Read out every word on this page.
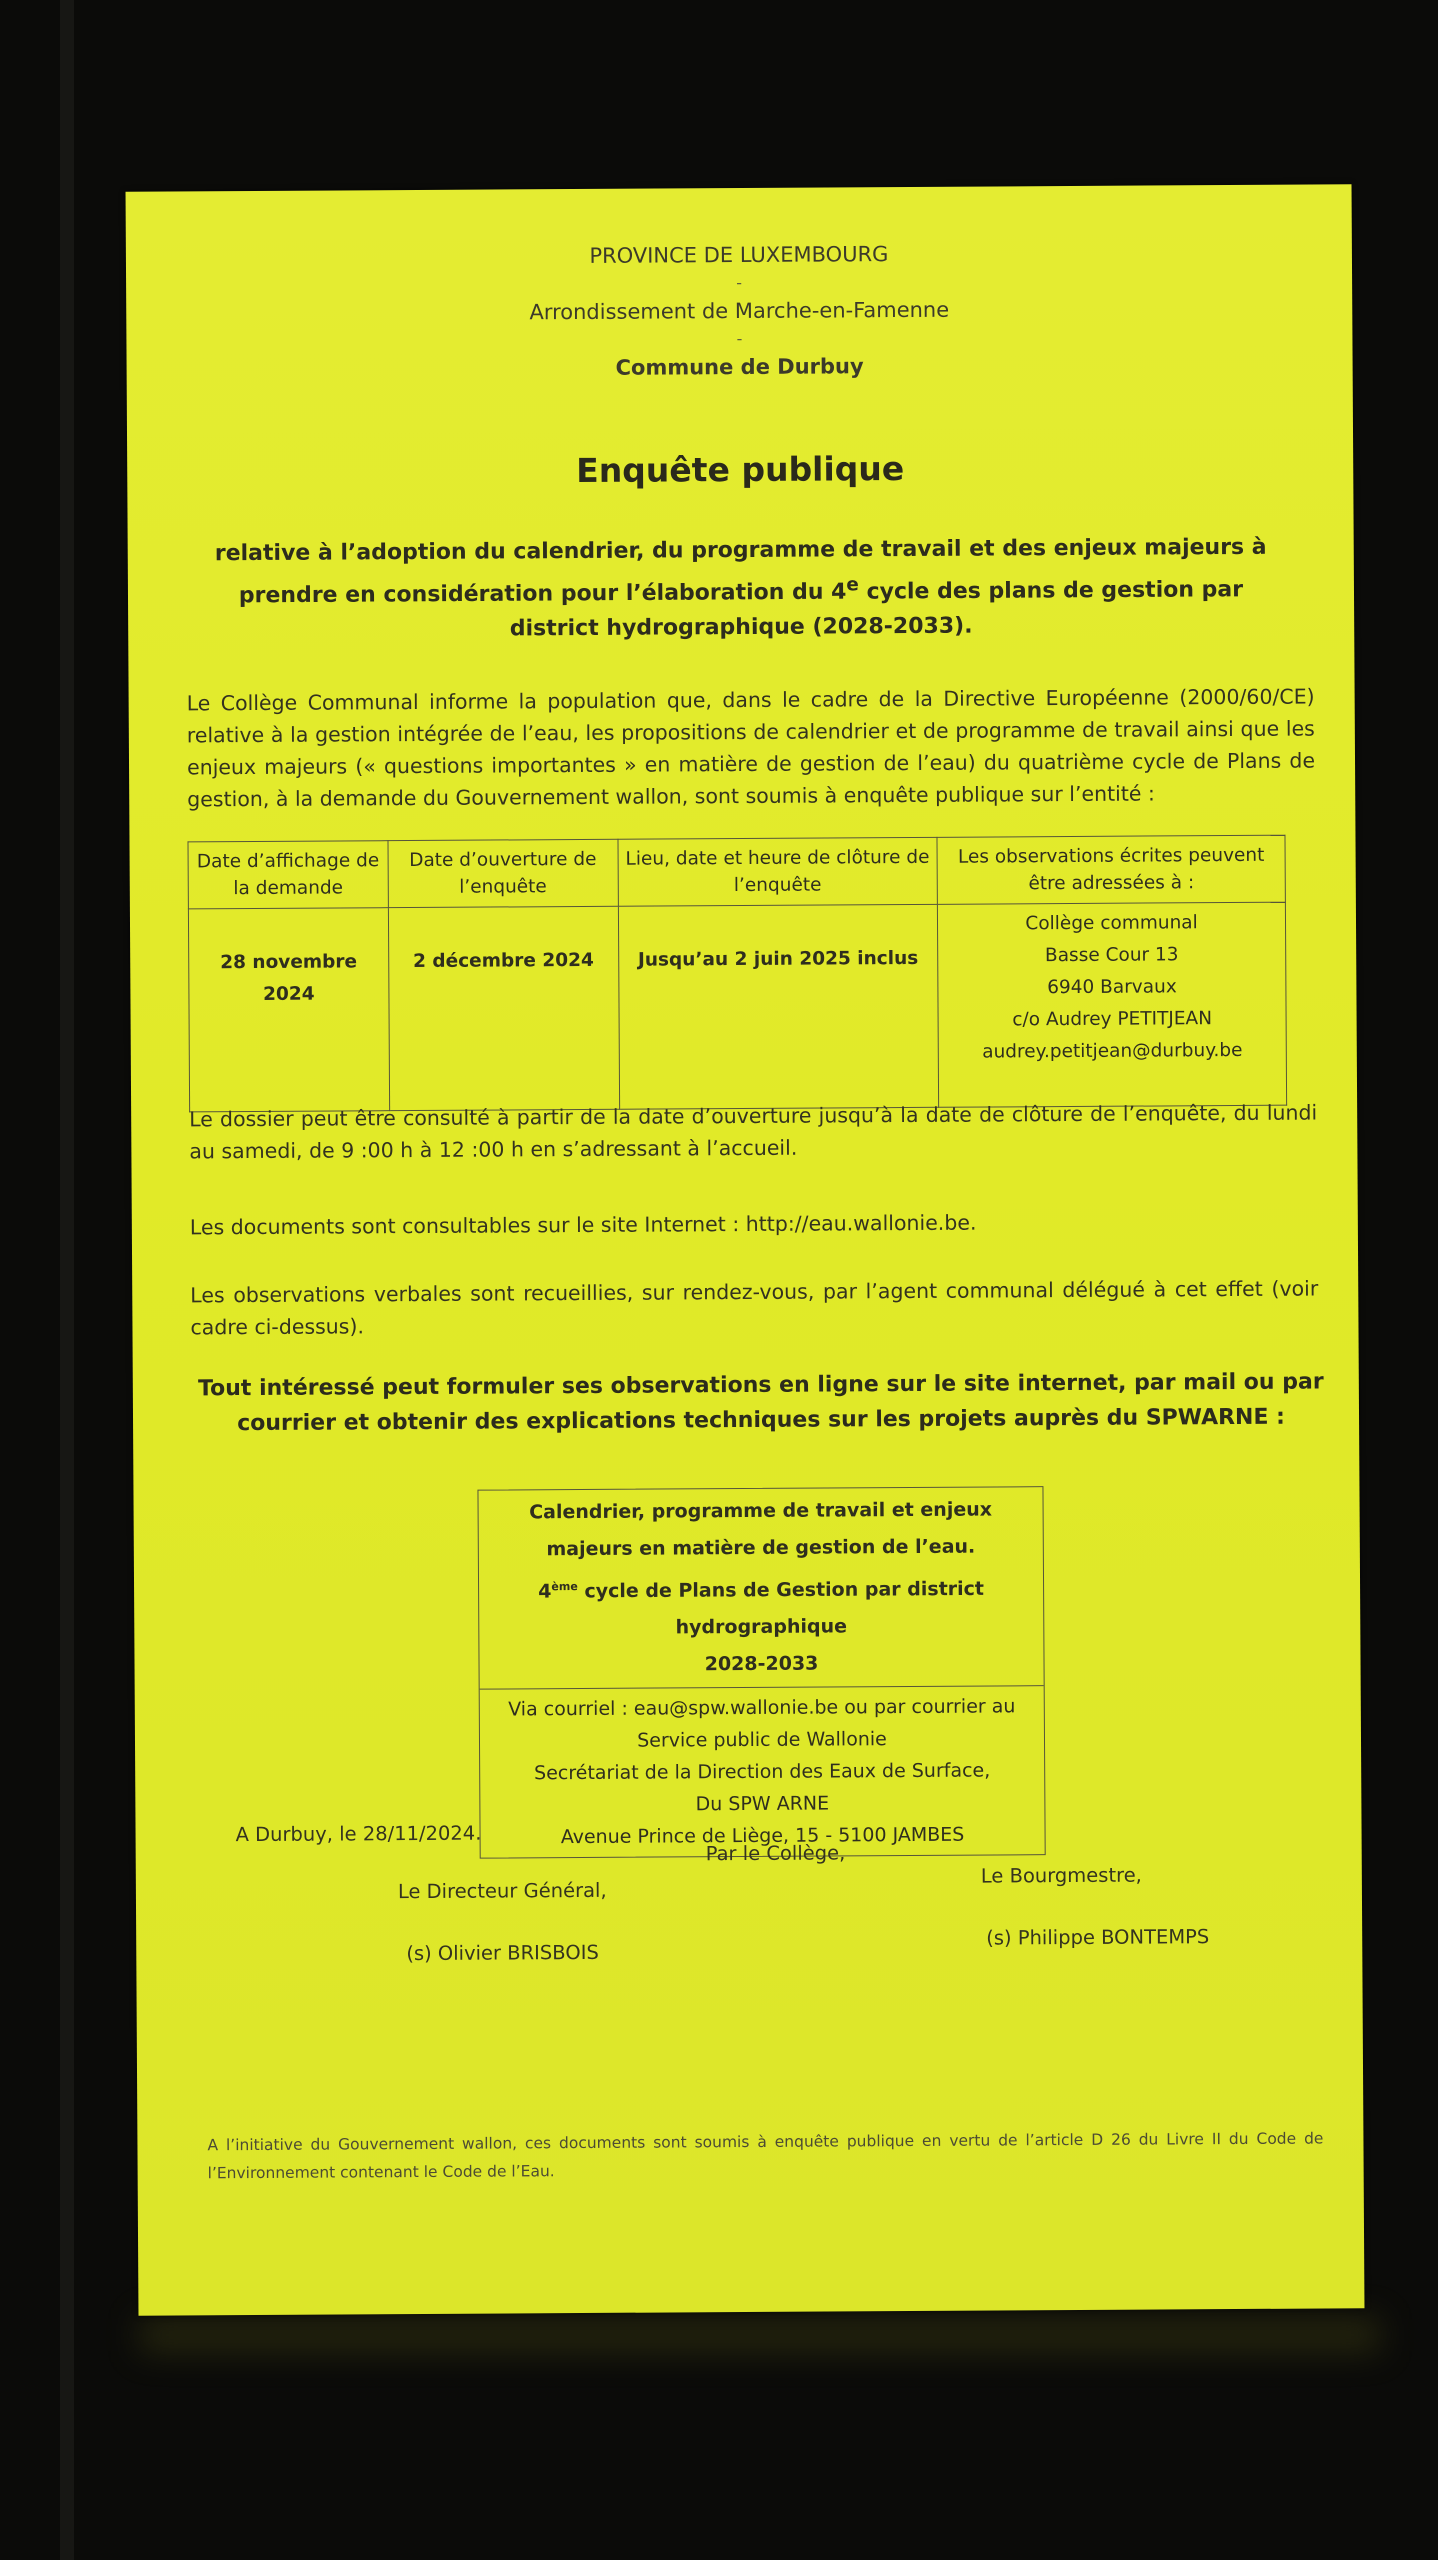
PROVINCE DE LUXEMBOURG
-
Arrondissement de Marche-en-Famenne
-
Commune de Durbuy
Enquête publique
relative à l’adoption du calendrier, du programme de travail et des enjeux majeurs à prendre en considération pour l’élaboration du 4e cycle des plans de gestion par district hydrographique (2028-2033).
Le Collège Communal informe la population que, dans le cadre de la Directive Européenne (2000/60/CE) relative à la gestion intégrée de l’eau, les propositions de calendrier et de programme de travail ainsi que les enjeux majeurs (« questions importantes » en matière de gestion de l’eau) du quatrième cycle de Plans de gestion, à la demande du Gouvernement wallon, sont soumis à enquête publique sur l’entité :
Date d’affichage de la demande	Date d’ouverture de l’enquête	Lieu, date et heure de clôture de l’enquête	Les observations écrites peuvent être adressées à :
28 novembre 2024	2 décembre 2024	Jusqu’au 2 juin 2025 inclus	Collège communal
Basse Cour 13
6940 Barvaux
c/o Audrey PETITJEAN
audrey.petitjean@durbuy.be
Le dossier peut être consulté à partir de la date d’ouverture jusqu’à la date de clôture de l’enquête, du lundi au samedi, de 9 :00 h à 12 :00 h en s’adressant à l’accueil.
Les documents sont consultables sur le site Internet : http://eau.wallonie.be.
Les observations verbales sont recueillies, sur rendez-vous, par l’agent communal délégué à cet effet (voir cadre ci-dessus).
Tout intéressé peut formuler ses observations en ligne sur le site internet, par mail ou par courrier et obtenir des explications techniques sur les projets auprès du SPWARNE :
Calendrier, programme de travail et enjeux majeurs en matière de gestion de l’eau.
4ème cycle de Plans de Gestion par district hydrographique
2028-2033
Via courriel : eau@spw.wallonie.be ou par courrier au
Service public de Wallonie
Secrétariat de la Direction des Eaux de Surface,
Du SPW ARNE
Avenue Prince de Liège, 15 - 5100 JAMBES
A Durbuy, le 28/11/2024.
Par le Collège,
Le Directeur Général,
(s) Olivier BRISBOIS
Le Bourgmestre,
(s) Philippe BONTEMPS
A l’initiative du Gouvernement wallon, ces documents sont soumis à enquête publique en vertu de l’article D 26 du Livre II du Code de l’Environnement contenant le Code de l’Eau.
